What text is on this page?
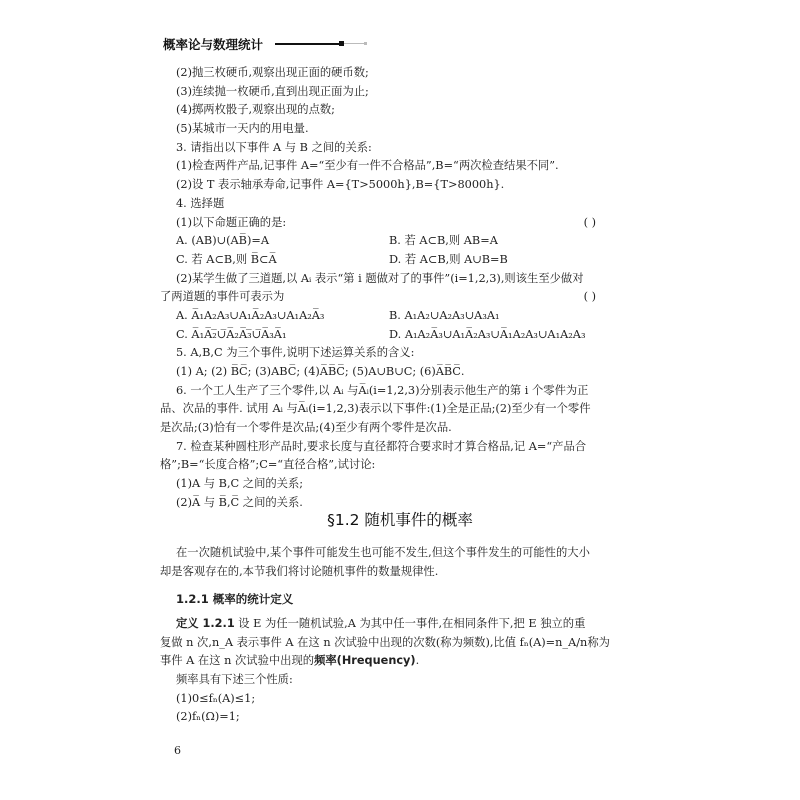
概率论与数理统计
(2)抛三枚硬币,观察出现正面的硬币数;
(3)连续抛一枚硬币,直到出现正面为止;
(4)掷两枚骰子,观察出现的点数;
(5)某城市一天内的用电量.
3. 请指出以下事件 A 与 B 之间的关系:
(1)检查两件产品,记事件 A=“至少有一件不合格品”,B=“两次检查结果不同”.
(2)设 T 表示轴承寿命,记事件 A={T>5000h},B={T>8000h}.
4. 选择题
(1)以下命题正确的是:	( )
A. (AB)∪(AB̅)=A	B. 若 A⊂B,则 AB=A
C. 若 A⊂B,则 B̅⊂A̅	D. 若 A⊂B,则 A∪B=B
(2)某学生做了三道题,以 Aᵢ 表示“第 i 题做对了的事件”(i=1,2,3),则该生至少做对
了两道题的事件可表示为	( )
A. A̅₁A₂A₃∪A₁A̅₂A₃∪A₁A₂A̅₃	B. A₁A₂∪A₂A₃∪A₃A₁
C. A̅₁A̅₂̅∪̅A̅₂A̅₃̅∪̅A̅₃A̅₁	D. A₁A₂A̅₃∪A₁A̅₂A₃∪A̅₁A₂A₃∪A₁A₂A₃
5. A,B,C 为三个事件,说明下述运算关系的含义:
(1) A; (2) B̅C̅; (3)ABC̅; (4)A̅B̅C̅; (5)A∪B∪C; (6)A̅B̅C̅.
6. 一个工人生产了三个零件,以 Aᵢ 与A̅ᵢ(i=1,2,3)分别表示他生产的第 i 个零件为正
品、次品的事件. 试用 Aᵢ 与A̅ᵢ(i=1,2,3)表示以下事件:(1)全是正品;(2)至少有一个零件
是次品;(3)恰有一个零件是次品;(4)至少有两个零件是次品.
7. 检查某种圆柱形产品时,要求长度与直径都符合要求时才算合格品,记 A=“产品合
格”;B=“长度合格”;C=“直径合格”,试讨论:
(1)A 与 B,C 之间的关系;
(2)A̅ 与 B̅,C̅ 之间的关系.
§1.2 随机事件的概率
在一次随机试验中,某个事件可能发生也可能不发生,但这个事件发生的可能性的大小
却是客观存在的,本节我们将讨论随机事件的数量规律性.
1.2.1 概率的统计定义
定义 1.2.1 设 E 为任一随机试验,A 为其中任一事件,在相同条件下,把 E 独立的重
复做 n 次,n_A 表示事件 A 在这 n 次试验中出现的次数(称为频数),比值 fₙ(A)=n_A/n称为
事件 A 在这 n 次试验中出现的频率(Hrequency).
频率具有下述三个性质:
(1)0≤fₙ(A)≤1;
(2)fₙ(Ω)=1;
6
